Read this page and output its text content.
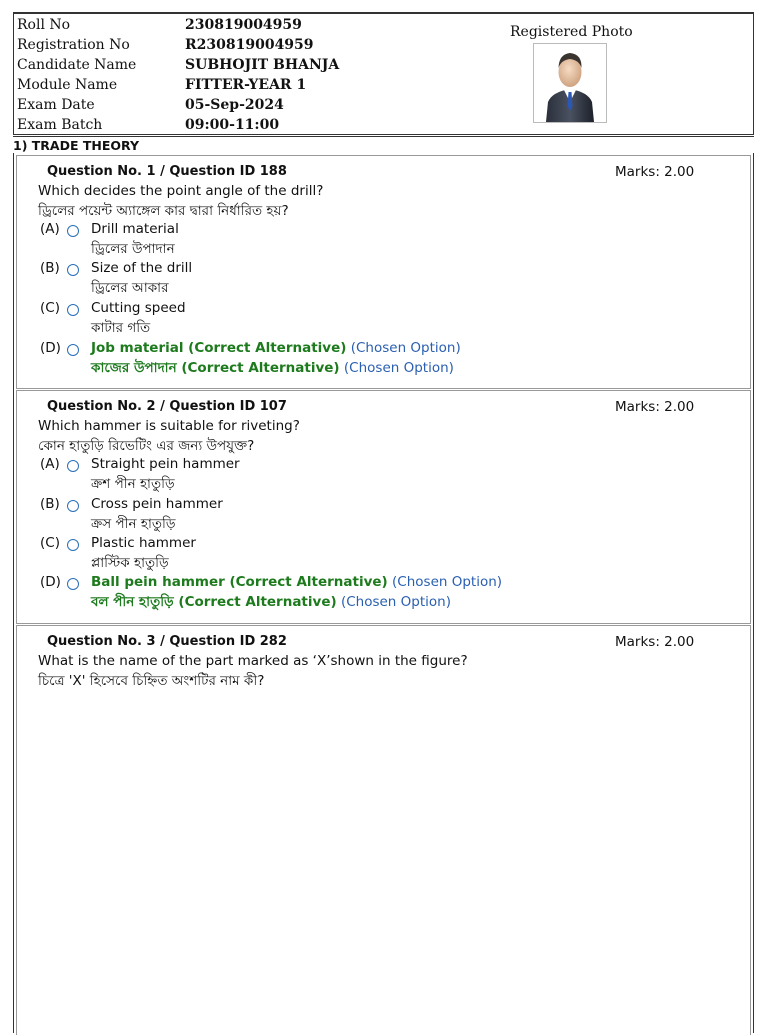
Roll No	230819004959
Registration No	R230819004959
Candidate Name	SUBHOJIT BHANJA
Module Name	FITTER-YEAR 1
Exam Date	05-Sep-2024
Exam Batch	09:00-11:00
Registered Photo
1) TRADE THEORY
Question No. 1 / Question ID 188	Marks: 2.00
Which decides the point angle of the drill?
ড্রিলের পয়েন্ট অ্যাঙ্গেল কার দ্বারা নির্ধারিত হয়?
(A) Drill material
ড্রিলের উপাদান
(B) Size of the drill
ড্রিলের আকার
(C) Cutting speed
কাটার গতি
(D) Job material (Correct Alternative) (Chosen Option)
কাজের উপাদান (Correct Alternative) (Chosen Option)
Question No. 2 / Question ID 107	Marks: 2.00
Which hammer is suitable for riveting?
কোন হাতুড়ি রিভেটিং এর জন্য উপযুক্ত?
(A) Straight pein hammer
ক্রশ পীন হাতুড়ি
(B) Cross pein hammer
ক্রস পীন হাতুড়ি
(C) Plastic hammer
প্লাস্টিক হাতুড়ি
(D) Ball pein hammer (Correct Alternative) (Chosen Option)
বল পীন হাতুড়ি (Correct Alternative) (Chosen Option)
Question No. 3 / Question ID 282	Marks: 2.00
What is the name of the part marked as ‘X’shown in the figure?
চিত্রে 'X' হিসেবে চিহ্নিত অংশটির নাম কী?
